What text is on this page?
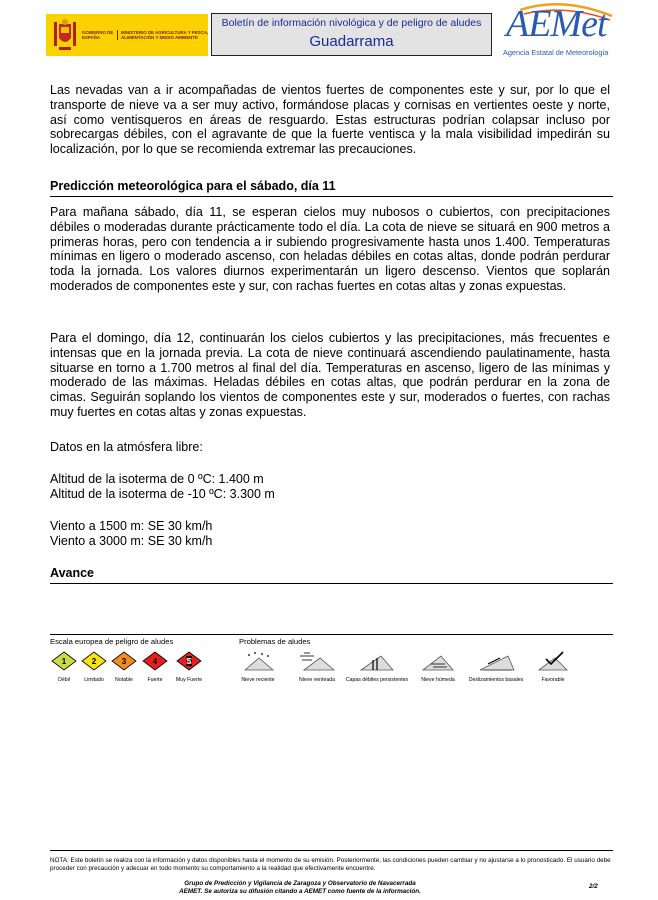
GOBIERNO DE ESPAÑA
MINISTERIO DE AGRICULTURA Y PESCA, ALIMENTACIÓN Y MEDIO AMBIENTE
Boletín de información nivológica y de peligro de aludes
Guadarrama	AEMet
Agencia Estatal de Meteorología
Las nevadas van a ir acompañadas de vientos fuertes de componentes este y sur, por lo que el transporte de nieve va a ser muy activo, formándose placas y cornisas en vertientes oeste y norte, así como ventisqueros en áreas de resguardo. Estas estructuras podrían colapsar incluso por sobrecargas débiles, con el agravante de que la fuerte ventisca y la mala visibilidad impedirán su localización, por lo que se recomienda extremar las precauciones.
Predicción meteorológica para el sábado, día 11
Para mañana sábado, día 11, se esperan cielos muy nubosos o cubiertos, con precipitaciones débiles o moderadas durante prácticamente todo el día. La cota de nieve se situará en 900 metros a primeras horas, pero con tendencia a ir subiendo progresivamente hasta unos 1.400. Temperaturas mínimas en ligero o moderado ascenso, con heladas débiles en cotas altas, donde podrán perdurar toda la jornada. Los valores diurnos experimentarán un ligero descenso. Vientos que soplarán moderados de componentes este y sur, con rachas fuertes en cotas altas y zonas expuestas.
Para el domingo, día 12, continuarán los cielos cubiertos y las precipitaciones, más frecuentes e intensas que en la jornada previa. La cota de nieve continuará ascendiendo paulatinamente, hasta situarse en torno a 1.700 metros al final del día. Temperaturas en ascenso, ligero de las mínimas y moderado de las máximas. Heladas débiles en cotas altas, que podrán perdurar en la zona de cimas. Seguirán soplando los vientos de componentes este y sur, moderados o fuertes, con rachas muy fuertes en cotas altas y zonas expuestas.
Datos en la atmósfera libre:
Altitud de la isoterma de 0 ºC: 1.400 m
Altitud de la isoterma de -10 ºC: 3.300 m
Viento a 1500 m: SE 30 km/h
Viento a 3000 m: SE 30 km/h
Avance
Escala europea de peligro de aludes	Problemas de aludes
1
Débil
2
Limitado
3
Notable
4
Fuerte
5
Muy Fuerte	Nieve reciente	Nieve venteada	Capas débiles persistentes	Nieve húmeda	Deslizamientos basales	Favorable
NOTA: Este boletín se realiza con la información y datos disponibles hasta el momento de su emisión. Posteriormente, las condiciones pueden cambiar y no ajustarse a lo pronosticado. El usuario debe proceder con precaución y adecuar en todo momento su comportamiento a la realidad que efectivamente encuentre.
Grupo de Predicción y Vigilancia de Zaragoza y Observatorio de Navacerrada
AEMET. Se autoriza su difusión citando a AEMET como fuente de la información.
2/2
